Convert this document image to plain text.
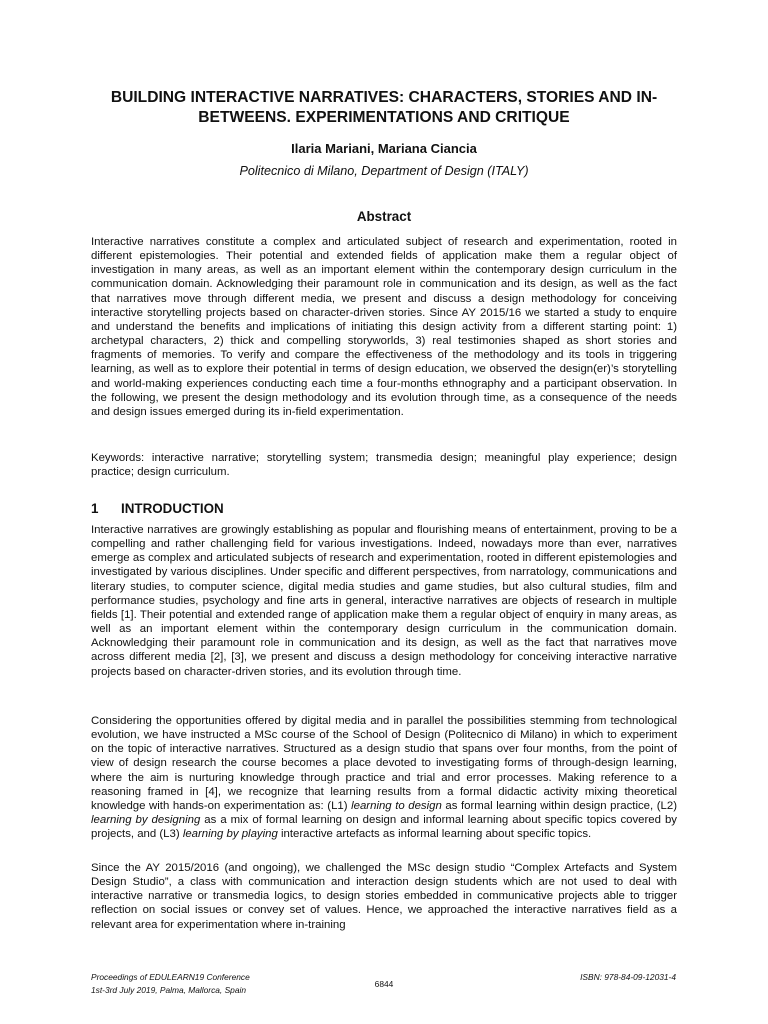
BUILDING INTERACTIVE NARRATIVES: CHARACTERS, STORIES AND IN-BETWEENS. EXPERIMENTATIONS AND CRITIQUE
Ilaria Mariani, Mariana Ciancia
Politecnico di Milano, Department of Design (ITALY)
Abstract

Interactive narratives constitute a complex and articulated subject of research and experimentation, rooted in different epistemologies. Their potential and extended fields of application make them a regular object of investigation in many areas, as well as an important element within the contemporary design curriculum in the communication domain. Acknowledging their paramount role in communication and its design, as well as the fact that narratives move through different media, we present and discuss a design methodology for conceiving interactive storytelling projects based on character-driven stories. Since AY 2015/16 we started a study to enquire and understand the benefits and implications of initiating this design activity from a different starting point: 1) archetypal characters, 2) thick and compelling storyworlds, 3) real testimonies shaped as short stories and fragments of memories. To verify and compare the effectiveness of the methodology and its tools in triggering learning, as well as to explore their potential in terms of design education, we observed the design(er)’s storytelling and world-making experiences conducting each time a four-months ethnography and a participant observation. In the following, we present the design methodology and its evolution through time, as a consequence of the needs and design issues emerged during its in-field experimentation.

Keywords: interactive narrative; storytelling system; transmedia design; meaningful play experience; design practice; design curriculum.

1 INTRODUCTION

Interactive narratives are growingly establishing as popular and flourishing means of entertainment, proving to be a compelling and rather challenging field for various investigations. Indeed, nowadays more than ever, narratives emerge as complex and articulated subjects of research and experimentation, rooted in different epistemologies and investigated by various disciplines. Under specific and different perspectives, from narratology, communications and literary studies, to computer science, digital media studies and game studies, but also cultural studies, film and performance studies, psychology and fine arts in general, interactive narratives are objects of research in multiple fields [1]. Their potential and extended range of application make them a regular object of enquiry in many areas, as well as an important element within the contemporary design curriculum in the communication domain. Acknowledging their paramount role in communication and its design, as well as the fact that narratives move across different media [2], [3], we present and discuss a design methodology for conceiving interactive narrative projects based on character-driven stories, and its evolution through time.

Considering the opportunities offered by digital media and in parallel the possibilities stemming from technological evolution, we have instructed a MSc course of the School of Design (Politecnico di Milano) in which to experiment on the topic of interactive narratives. Structured as a design studio that spans over four months, from the point of view of design research the course becomes a place devoted to investigating forms of through-design learning, where the aim is nurturing knowledge through practice and trial and error processes. Making reference to a reasoning framed in [4], we recognize that learning results from a formal didactic activity mixing theoretical knowledge with hands-on experimentation as: (L1) learning to design as formal learning within design practice, (L2) learning by designing as a mix of formal learning on design and informal learning about specific topics covered by projects, and (L3) learning by playing interactive artefacts as informal learning about specific topics.

Since the AY 2015/2016 (and ongoing), we challenged the MSc design studio “Complex Artefacts and System Design Studio”, a class with communication and interaction design students which are not used to deal with interactive narrative or transmedia logics, to design stories embedded in communicative projects able to trigger reflection on social issues or convey set of values. Hence, we approached the interactive narratives field as a relevant area for experimentation where in-training

Proceedings of EDULEARN19 Conference
1st-3rd July 2019, Palma, Mallorca, Spain
6844
ISBN: 978-84-09-12031-4
